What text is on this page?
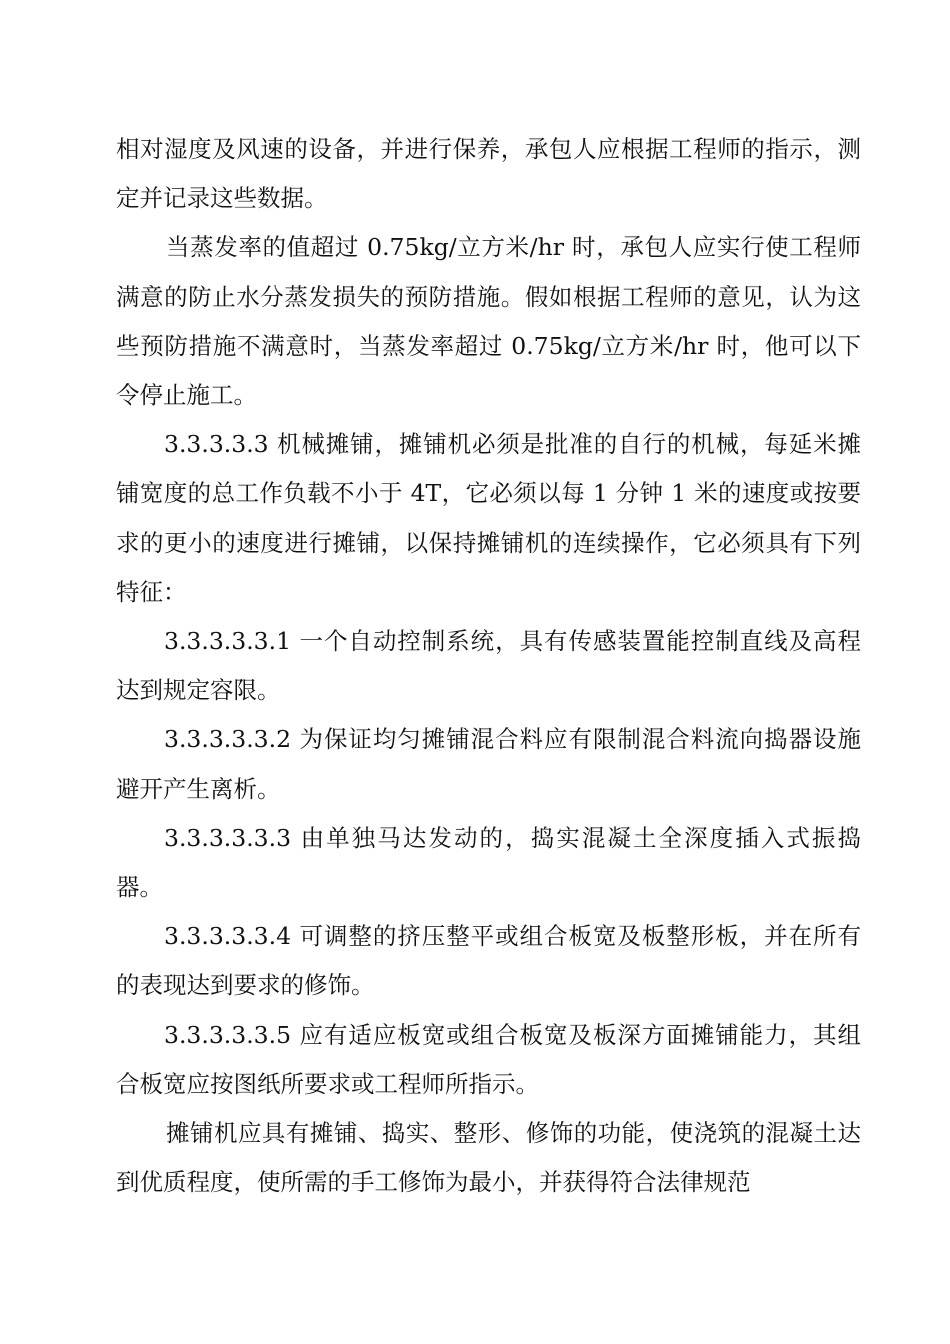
相对湿度及风速的设备，并进行保养，承包人应根据工程师的指示，测定并记录这些数据。

当蒸发率的值超过 0.75kg/立方米/hr 时，承包人应实行使工程师满意的防止水分蒸发损失的预防措施。假如根据工程师的意见，认为这些预防措施不满意时，当蒸发率超过 0.75kg/立方米/hr 时，他可以下令停止施工。

3.3.3.3.3 机械摊铺，摊铺机必须是批准的自行的机械，每延米摊铺宽度的总工作负载不小于 4T，它必须以每 1 分钟 1 米的速度或按要求的更小的速度进行摊铺，以保持摊铺机的连续操作，它必须具有下列特征：

3.3.3.3.3.1 一个自动控制系统，具有传感装置能控制直线及高程达到规定容限。

3.3.3.3.3.2 为保证均匀摊铺混合料应有限制混合料流向捣器设施避开产生离析。

3.3.3.3.3.3 由单独马达发动的，捣实混凝土全深度插入式振捣器。

3.3.3.3.3.4 可调整的挤压整平或组合板宽及板整形板，并在所有的表现达到要求的修饰。

3.3.3.3.3.5 应有适应板宽或组合板宽及板深方面摊铺能力，其组合板宽应按图纸所要求或工程师所指示。

摊铺机应具有摊铺、捣实、整形、修饰的功能，使浇筑的混凝土达到优质程度，使所需的手工修饰为最小，并获得符合法律规范
